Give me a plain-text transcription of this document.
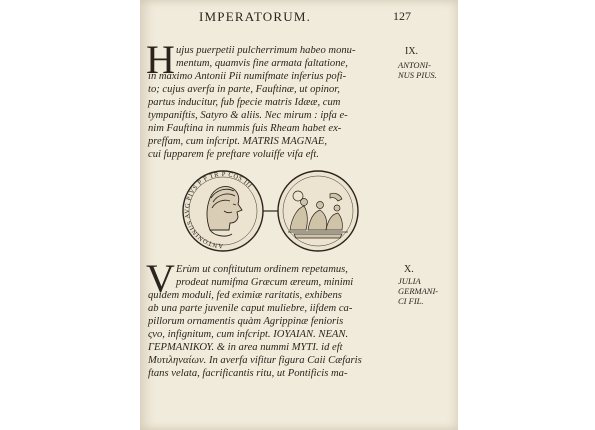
IMPERATORUM.	127
H ujus puerpetii pulcherrimum habeo monu-
mentum, quamvis fine armata faltatione,
in maximo Antonii Pii numifmate inferius pofi-
to; cujus averfa in parte, Fauftinæ, ut opinor,
partus inducitur, fub fpecie matris Idææ, cum
tympaniftis, Satyro & aliis. Nec mirum : ipfa e-
nim Fauftina in nummis fuis Rheam habet ex-
preffam, cum infcript. MATRIS MAGNAE,
cui fupparem fe preftare voluiffe vifa eft.
IX.
ANTONI-
NUS PIUS.
ANTONINUS AVG PIVS P P TR P COS III
V Erùm ut conftitutum ordinem repetamus,
prodeat numifma Græcum æreum, minimi
quidem moduli, fed eximiæ raritatis, exhibens
ab una parte juvenile caput muliebre, iifdem ca-
pillorum ornamentis quàm Agrippinæ fenioris
ςνo, infignitum, cum infcript. IOYAIAN. NEAN.
ΓΕΡΜΑΝΙΚΟΥ. & in area nummi MYTI. id eft
Μυτιληναίων. In averfa vifitur figura Caii Cæfaris
ftans velata, facrificantis ritu, ut Pontificis ma-
X.
JULIA
GERMANI-
CI FIL.
